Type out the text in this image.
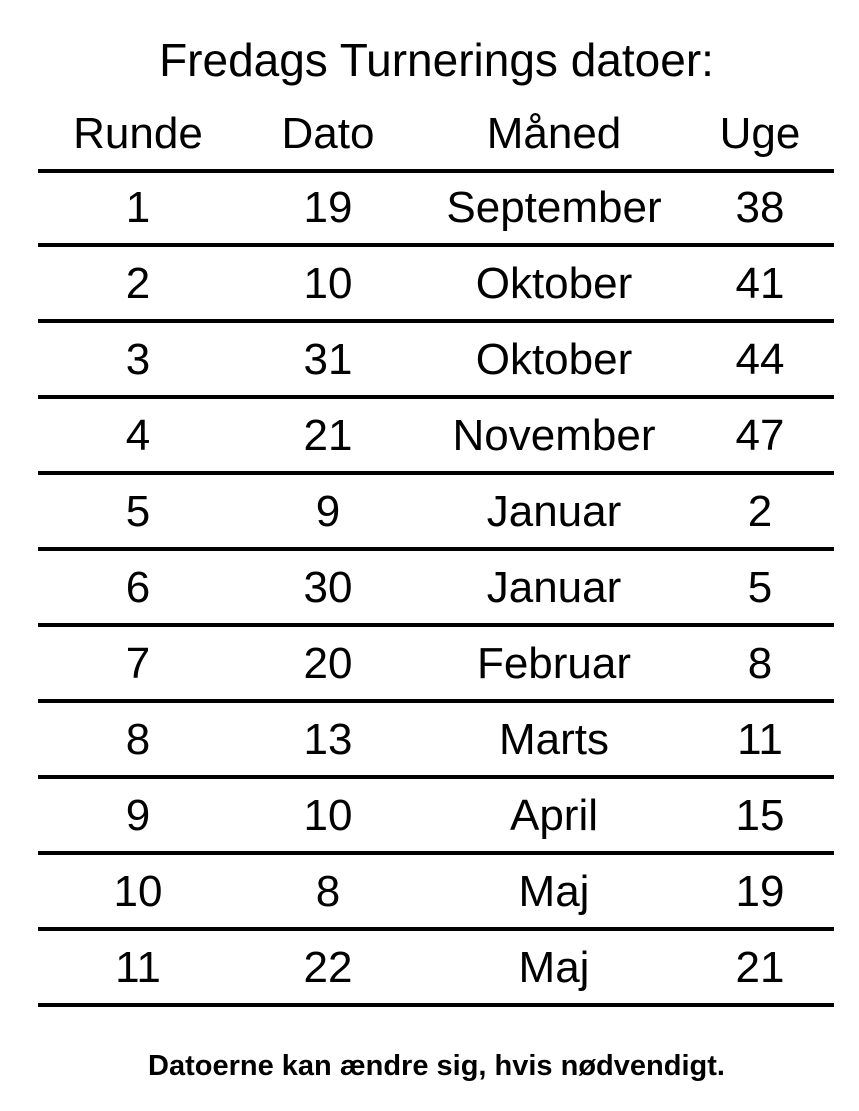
Fredags Turnerings datoer:
Runde	Dato	Måned	Uge
1	19	September	38
2	10	Oktober	41
3	31	Oktober	44
4	21	November	47
5	9	Januar	2
6	30	Januar	5
7	20	Februar	8
8	13	Marts	11
9	10	April	15
10	8	Maj	19
11	22	Maj	21
Datoerne kan ændre sig, hvis nødvendigt.
